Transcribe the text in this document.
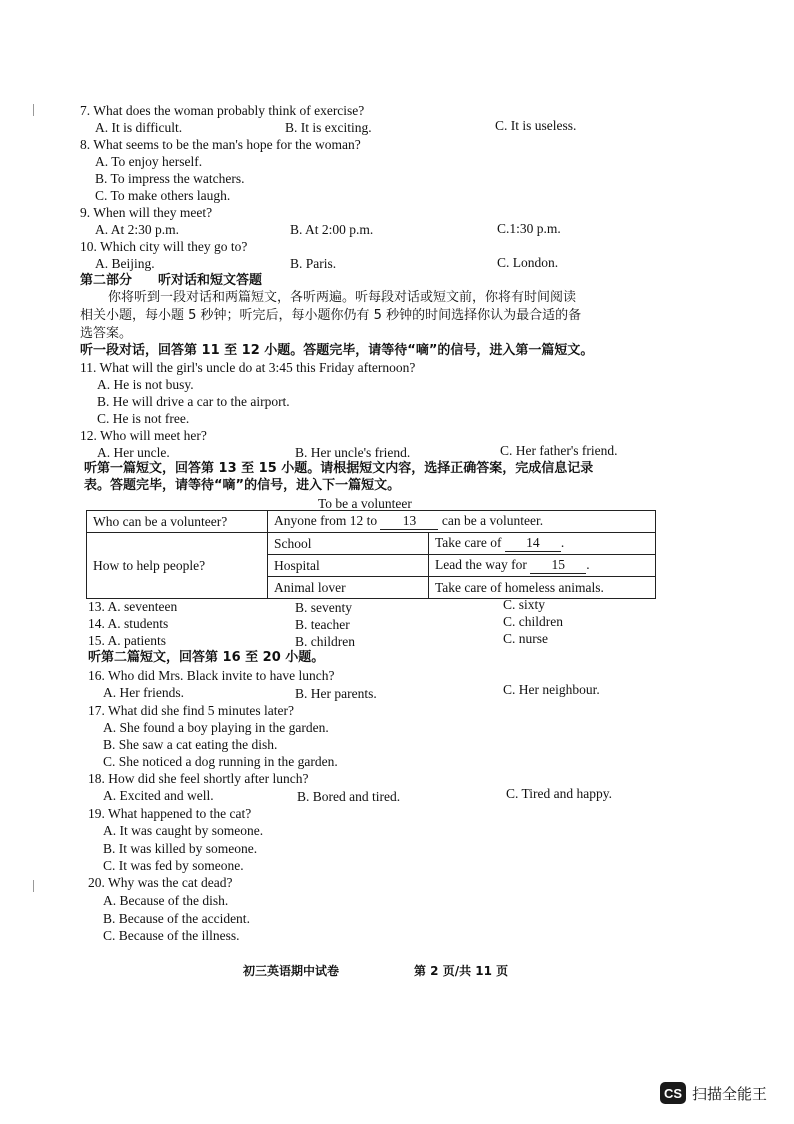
7. What does the woman probably think of exercise?
A. It is difficult.	B. It is exciting.	C. It is useless.
8. What seems to be the man's hope for the woman?
A. To enjoy herself.
B. To impress the watchers.
C. To make others laugh.
9. When will they meet?
A. At 2:30 p.m.	B. At 2:00 p.m.	C.1:30 p.m.
10. Which city will they go to?
A. Beijing.	B. Paris.	C. London.
第二部分　　听对话和短文答题
你将听到一段对话和两篇短文，各听两遍。听每段对话或短文前，你将有时间阅读
相关小题，每小题 5 秒钟；听完后，每小题你仍有 5 秒钟的时间选择你认为最合适的备
选答案。
听一段对话，回答第 11 至 12 小题。答题完毕，请等待“嘀”的信号，进入第一篇短文。
11. What will the girl's uncle do at 3:45 this Friday afternoon?
A. He is not busy.
B. He will drive a car to the airport.
C. He is not free.
12. Who will meet her?
A. Her uncle.	B. Her uncle's friend.	C. Her father's friend.
听第一篇短文，回答第 13 至 15 小题。请根据短文内容，选择正确答案，完成信息记录
表。答题完毕，请等待“嘀”的信号，进入下一篇短文。
To be a volunteer
Who can be a volunteer?	Anyone from 12 to 13 can be a volunteer.	
How to help people?	School	Take care of 14 .
	Hospital	Lead the way for 15 .
	Animal lover	Take care of homeless animals.
13. A. seventeen	B. seventy	C. sixty
14. A. students	B. teacher	C. children
15. A. patients	B. children	C. nurse
听第二篇短文，回答第 16 至 20 小题。
16. Who did Mrs. Black invite to have lunch?
A. Her friends.	B. Her parents.	C. Her neighbour.
17. What did she find 5 minutes later?
A. She found a boy playing in the garden.
B. She saw a cat eating the dish.
C. She noticed a dog running in the garden.
18. How did she feel shortly after lunch?
A. Excited and well.	B. Bored and tired.	C. Tired and happy.
19. What happened to the cat?
A. It was caught by someone.
B. It was killed by someone.
C. It was fed by someone.
20. Why was the cat dead?
A. Because of the dish.
B. Because of the accident.
C. Because of the illness.
初三英语期中试卷	第 2 页/共 11 页
CS 扫描全能王
